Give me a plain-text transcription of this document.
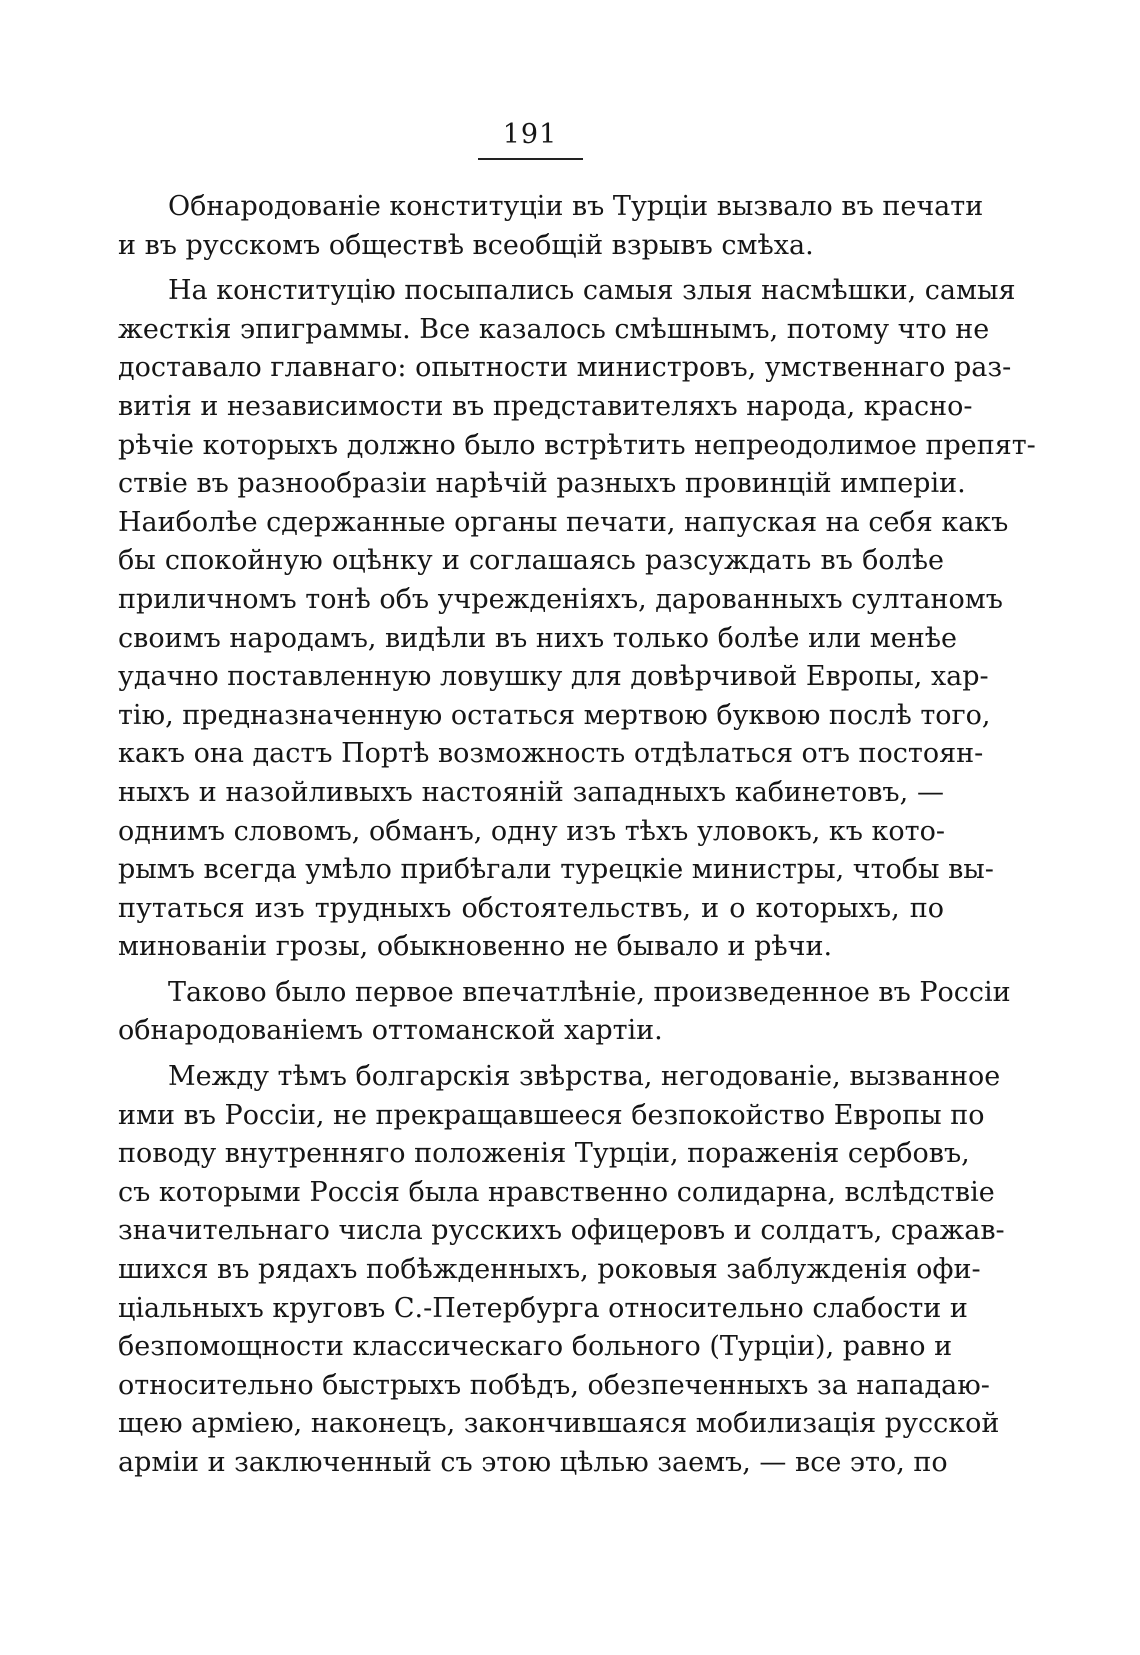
191
Обнародованіе конституціи въ Турціи вызвало въ печати
и въ русскомъ обществѣ всеобщій взрывъ смѣха.
На конституцію посыпались самыя злыя насмѣшки, самыя
жесткія эпиграммы. Все казалось смѣшнымъ, потому что не
доставало главнаго: опытности министровъ, умственнаго раз-
витія и независимости въ представителяхъ народа, красно-
рѣчіе которыхъ должно было встрѣтить непреодолимое препят-
ствіе въ разнообразіи нарѣчій разныхъ провинцій имперіи.
Наиболѣе сдержанные органы печати, напуская на себя какъ
бы спокойную оцѣнку и соглашаясь разсуждать въ болѣе
приличномъ тонѣ объ учрежденіяхъ, дарованныхъ султаномъ
своимъ народамъ, видѣли въ нихъ только болѣе или менѣе
удачно поставленную ловушку для довѣрчивой Европы, хар-
тію, предназначенную остаться мертвою буквою послѣ того,
какъ она дастъ Портѣ возможность отдѣлаться отъ постоян-
ныхъ и назойливыхъ настояній западныхъ кабинетовъ, —
однимъ словомъ, обманъ, одну изъ тѣхъ уловокъ, къ кото-
рымъ всегда умѣло прибѣгали турецкіе министры, чтобы вы-
путаться изъ трудныхъ обстоятельствъ, и о которыхъ, по
минованіи грозы, обыкновенно не бывало и рѣчи.
Таково было первое впечатлѣніе, произведенное въ Россіи
обнародованіемъ оттоманской хартіи.
Между тѣмъ болгарскія звѣрства, негодованіе, вызванное
ими въ Россіи, не прекращавшееся безпокойство Европы по
поводу внутренняго положенія Турціи, пораженія сербовъ,
съ которыми Россія была нравственно солидарна, вслѣдствіе
значительнаго числа русскихъ офицеровъ и солдатъ, сражав-
шихся въ рядахъ побѣжденныхъ, роковыя заблужденія офи-
ціальныхъ круговъ С.-Петербурга относительно слабости и
безпомощности классическаго больного (Турціи), равно и
относительно быстрыхъ побѣдъ, обезпеченныхъ за нападаю-
щею арміею, наконецъ, закончившаяся мобилизація русской
арміи и заключенный съ этою цѣлью заемъ, — все это, по
